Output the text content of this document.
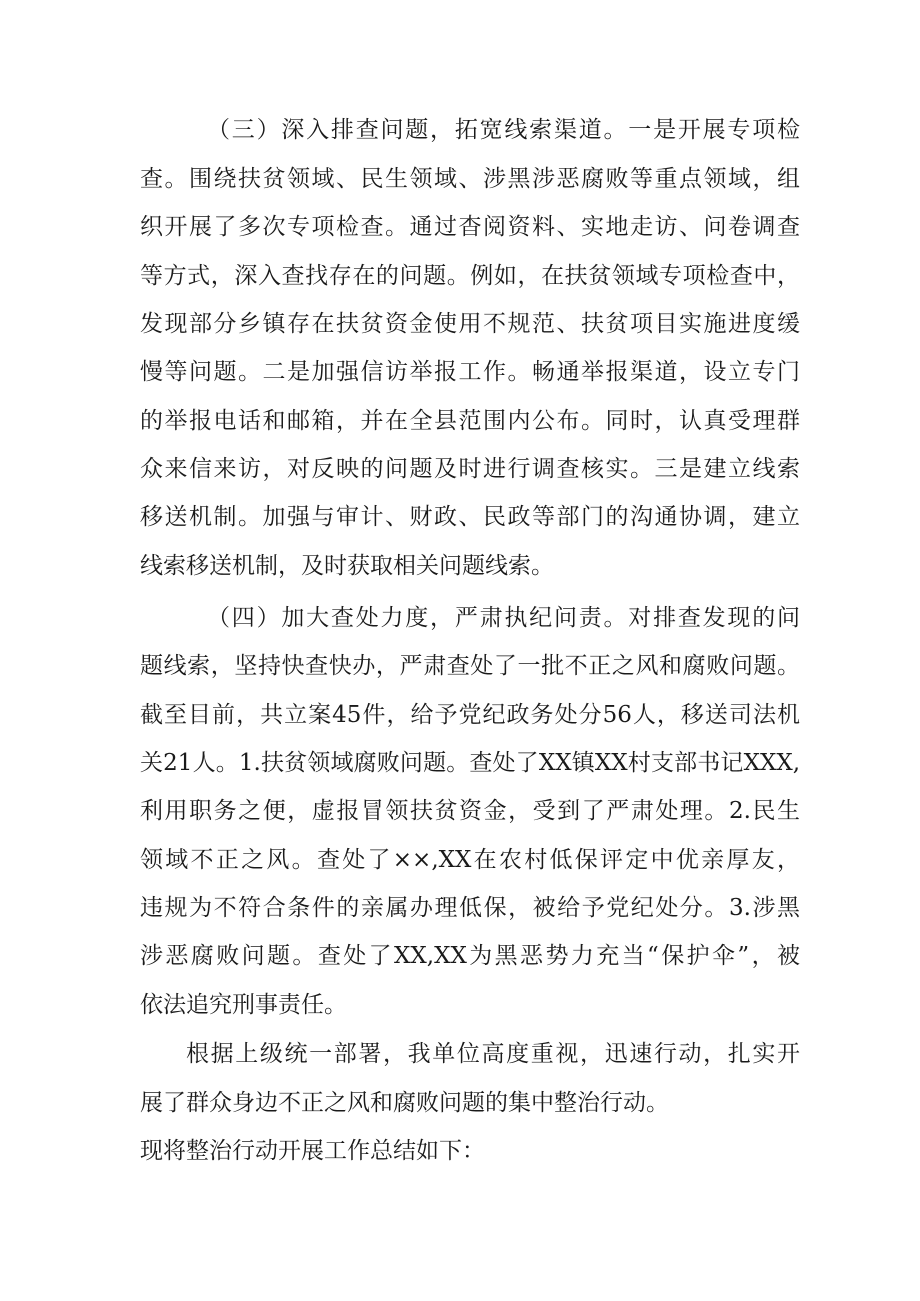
（三）深入排查问题，拓宽线索渠道。一是开展专项检
查。围绕扶贫领域、民生领域、涉黑涉恶腐败等重点领域，组
织开展了多次专项检查。通过杳阅资料、实地走访、问卷调查
等方式，深入查找存在的问题。例如，在扶贫领域专项检查中，
发现部分乡镇存在扶贫资金使用不规范、扶贫项目实施进度缓
慢等问题。二是加强信访举报工作。畅通举报渠道，设立专门
的举报电话和邮箱，并在全县范围内公布。同时，认真受理群
众来信来访，对反映的问题及时进行调查核实。三是建立线索
移送机制。加强与审计、财政、民政等部门的沟通协调，建立
线索移送机制，及时获取相关问题线索。
（四）加大查处力度，严肃执纪问责。对排查发现的问
题线索，坚持快查快办，严肃查处了一批不正之风和腐败问题。
截至目前，共立案45件，给予党纪政务处分56人，移送司法机
关21人。1.扶贫领域腐败问题。查处了XX镇XX村支部书记XXX,
利用职务之便，虚报冒领扶贫资金，受到了严肃处理。2.民生
领域不正之风。查处了××,XX在农村低保评定中优亲厚友，
违规为不符合条件的亲属办理低保，被给予党纪处分。3.涉黑
涉恶腐败问题。查处了XX,XX为黑恶势力充当“保护伞”，被
依法追究刑事责任。
根据上级统一部署，我单位高度重视，迅速行动，扎实开
展了群众身边不正之风和腐败问题的集中整治行动。
现将整治行动开展工作总结如下：
